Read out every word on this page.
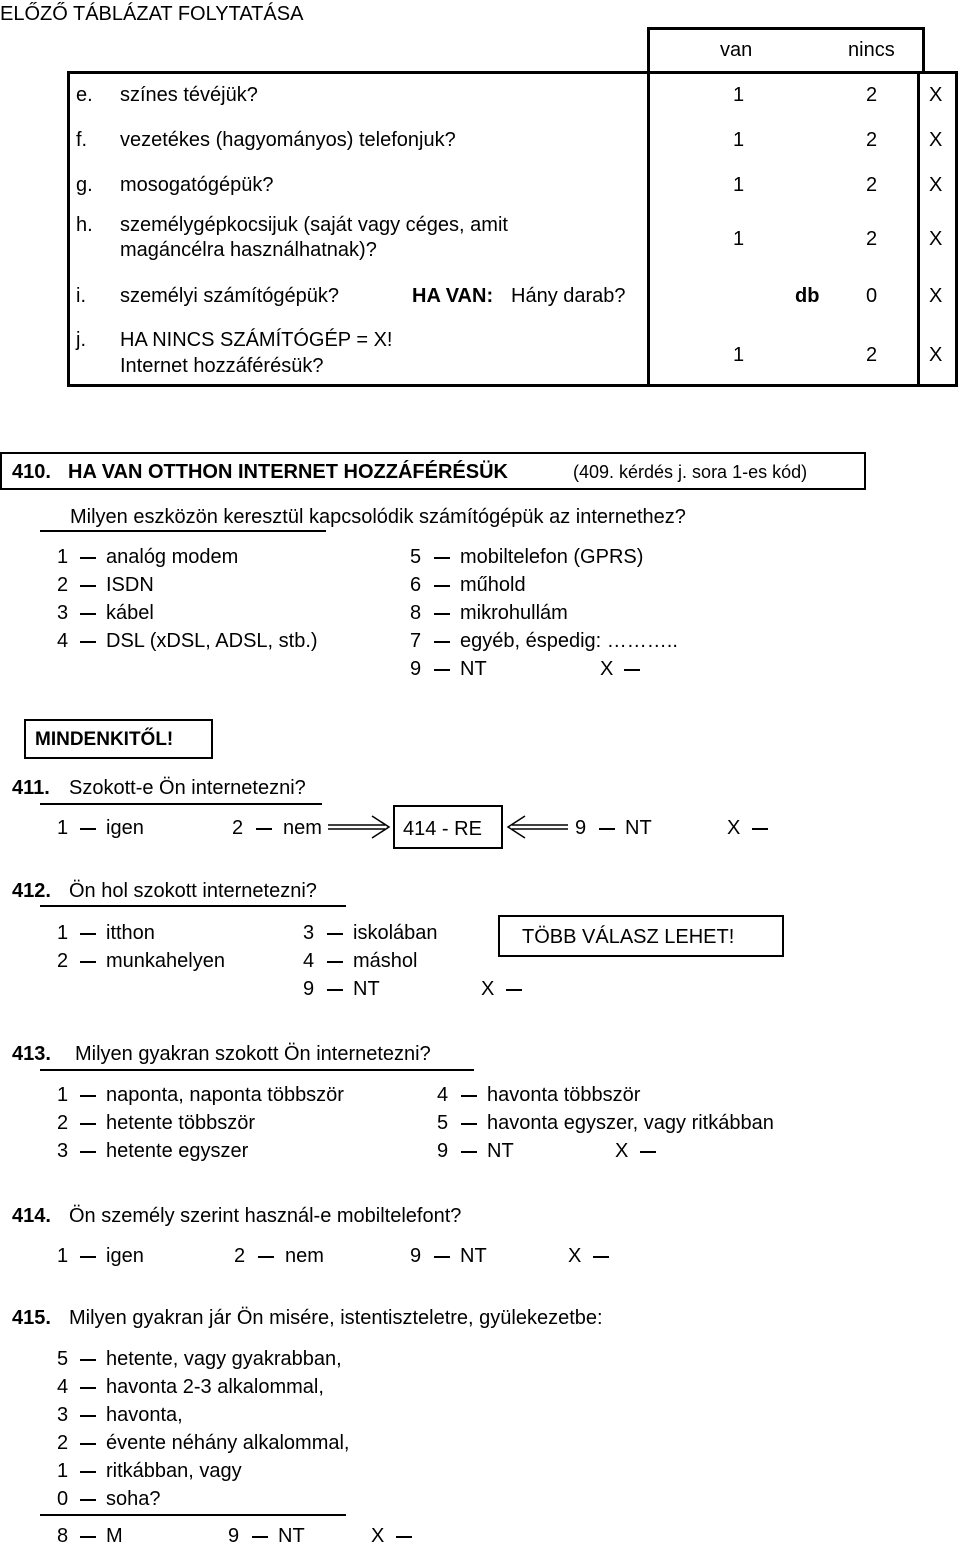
ELŐZŐ TÁBLÁZAT FOLYTATÁSA
van	nincs
e. színes tévéjük?	1	2	X
f. vezetékes (hagyományos) telefonjuk?	1	2	X
g. mosogatógépük?	1	2	X
h. személygépkocsijuk (saját vagy céges, amit
magáncélra használhatnak)?	1	2	X
i. személyi számítógépük?	HA VAN: Hány darab?	db 0	X
j. HA NINCS SZÁMÍTÓGÉP = X!
Internet hozzáférésük?	1	2	X
410. HA VAN OTTHON INTERNET HOZZÁFÉRÉSÜK	(409. kérdés j. sora 1-es kód)
Milyen eszközön keresztül kapcsolódik számítógépük az internethez?
1 analóg modem
2 ISDN
3 kábel
4 DSL (xDSL, ADSL, stb.)
5 mobiltelefon (GPRS)
6 műhold
8 mikrohullám
7 egyéb, éspedig: ………..
9 NT	X
MINDENKITŐL!
411. Szokott-e Ön internetezni?
1 igen	2 nem	414 - RE	9 NT	X
412. Ön hol szokott internetezni?
1 itthon
2 munkahelyen
3 iskolában
4 máshol
9 NT	X
TÖBB VÁLASZ LEHET!
413. Milyen gyakran szokott Ön internetezni?
1 naponta, naponta többször
2 hetente többször
3 hetente egyszer
4 havonta többször
5 havonta egyszer, vagy ritkábban
9 NT	X
414. Ön személy szerint használ-e mobiltelefont?
1 igen	2 nem	9 NT	X
415. Milyen gyakran jár Ön misére, istentiszteletre, gyülekezetbe:
5 hetente, vagy gyakrabban,
4 havonta 2-3 alkalommal,
3 havonta,
2 évente néhány alkalommal,
1 ritkábban, vagy
0 soha?
8 M	9 NT	X
